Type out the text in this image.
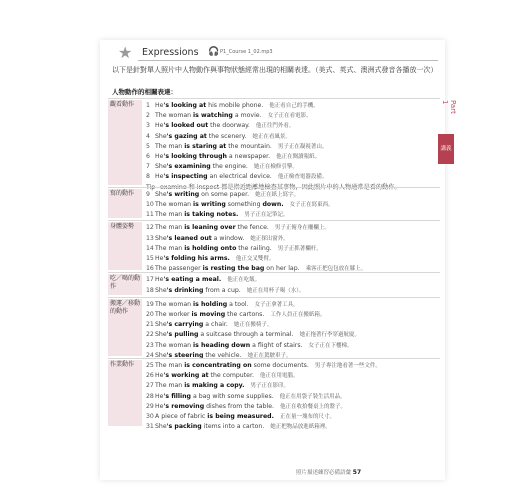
★ Expressions 🎧 P1_Course 1_02.mp3
以下是針對單人照片中人物動作與事物狀態經常出現的相關表達。（美式、英式、澳洲式發音各播放一次）
人物動作的相關表達：
觀看動作	1 He's looking at his mobile phone. 他正看自己的手機。
2 The woman is watching a movie. 女子正在看電影。
3 He's looked out the doorway. 他正往門外看。
4 She's gazing at the scenery. 她正在看風景。
5 The man is staring at the mountain. 男子正在凝視著山。
6 He's looking through a newspaper. 他正在閱讀報紙。
7 She's examining the engine. 她正在檢修引擎。
8 He's inspecting an electrical device. 他正檢查電器設備。
Tip examine 和 inspect 都是指近距離地檢查某事物，因此照片中的人物通常是看的動作。
寫的動作	9 She's writing on some paper. 她正在紙上寫字。
10The woman is writing something down. 女子正在寫東西。
11The man is taking notes. 男子正在記筆記。
身體姿勢	12The man is leaning over the fence. 男子正俯身在柵欄上。
13She's leaned out a window. 她正探出窗外。
14The man is holding onto the railing. 男子正抓著欄杆。
15He's folding his arms. 他正交叉雙臂。
16The passenger is resting the bag on her lap. 乘客正把包包放在膝上。
吃／喝的動作
17He's eating a meal. 他正在吃飯。
18She's drinking from a cup. 她正在用杯子喝（水）。
搬運／移動的動作
19The woman is holding a tool. 女子正拿著工具。
20The worker is moving the cartons. 工作人員正在搬紙箱。
21She's carrying a chair. 她正在搬椅子。
22She's pulling a suitcase through a terminal. 她正拖著行李穿過航廈。
23The woman is heading down a flight of stairs. 女子正在下樓梯。
24She's steering the vehicle. 她正在駕駛車子。
作業動作	25The man is concentrating on some documents. 男子專注地看著一些文件。
26He's working at the computer. 他正在用電腦。
27The man is making a copy. 男子正在影印。
28He's filling a bag with some supplies. 他正在用袋子裝生活用品。
29He's removing dishes from the table. 他正在收拾餐桌上的盤子。
30A piece of fabric is being measured. 正在量一塊布的尺寸。
31She's packing items into a carton. 她正把物品放進紙箱裡。
Part 1
講義
照片描述練習必備語彙 57
